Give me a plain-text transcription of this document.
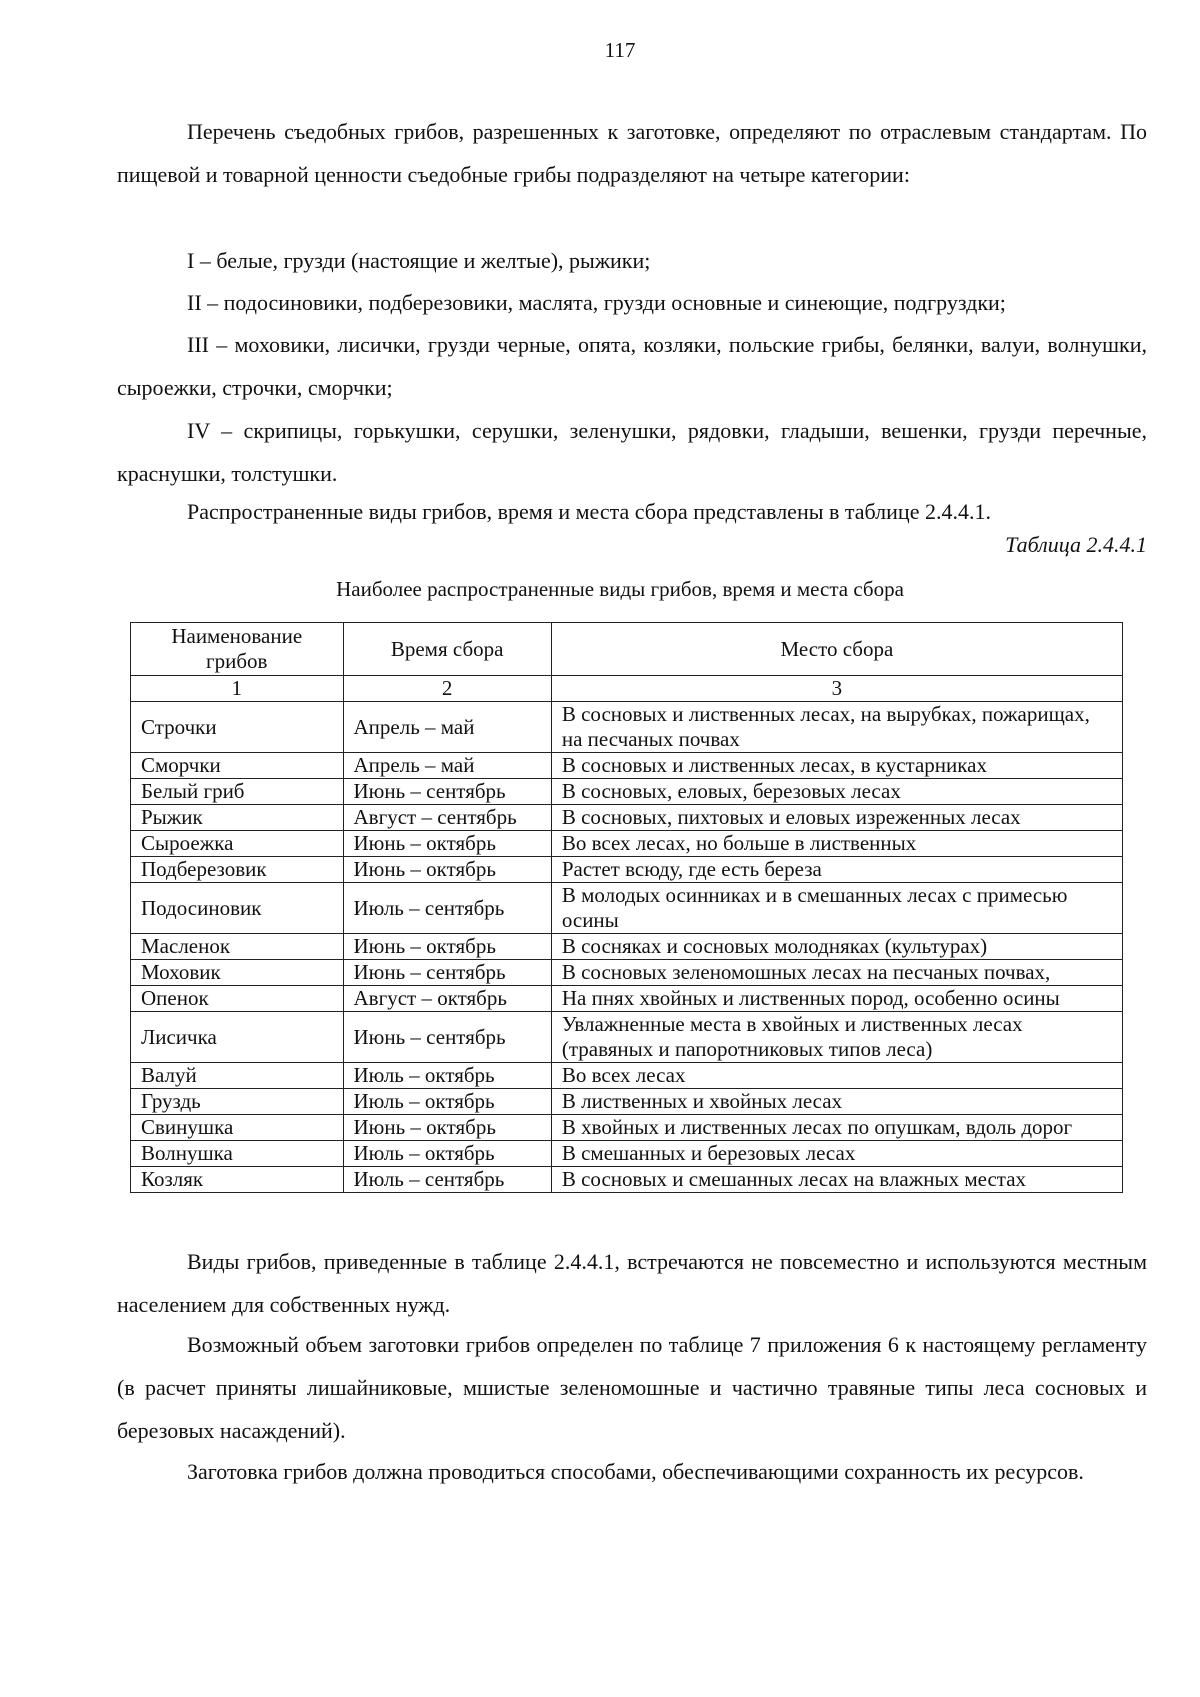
117

Перечень съедобных грибов, разрешенных к заготовке, определяют по отраслевым стандартам. По пищевой и товарной ценности съедобные грибы подразделяют на четыре категории:

I – белые, грузди (настоящие и желтые), рыжики;

II – подосиновики, подберезовики, маслята, грузди основные и синеющие, подгруздки;

III – моховики, лисички, грузди черные, опята, козляки, польские грибы, белянки, валуи, волнушки, сыроежки, строчки, сморчки;

IV – скрипицы, горькушки, серушки, зеленушки, рядовки, гладыши, вешенки, грузди перечные, краснушки, толстушки.

Распространенные виды грибов, время и места сбора представлены в таблице 2.4.4.1.

Таблица 2.4.4.1
Наиболее распространенные виды грибов, время и места сбора
Наименование грибов	Время сбора	Место сбора
1	2	3
Строчки	Апрель – май	В сосновых и лиственных лесах, на вырубках, пожарищах, на песчаных почвах
Сморчки	Апрель – май	В сосновых и лиственных лесах, в кустарниках
Белый гриб	Июнь – сентябрь	В сосновых, еловых, березовых лесах
Рыжик	Август – сентябрь	В сосновых, пихтовых и еловых изреженных лесах
Сыроежка	Июнь – октябрь	Во всех лесах, но больше в лиственных
Подберезовик	Июнь – октябрь	Растет всюду, где есть береза
Подосиновик	Июль – сентябрь	В молодых осинниках и в смешанных лесах с примесью осины
Масленок	Июнь – октябрь	В сосняках и сосновых молодняках (культурах)
Моховик	Июнь – сентябрь	В сосновых зеленомошных лесах на песчаных почвах,
Опенок	Август – октябрь	На пнях хвойных и лиственных пород, особенно осины
Лисичка	Июнь – сентябрь	Увлажненные места в хвойных и лиственных лесах (травяных и папоротниковых типов леса)
Валуй	Июль – октябрь	Во всех лесах
Груздь	Июль – октябрь	В лиственных и хвойных лесах
Свинушка	Июнь – октябрь	В хвойных и лиственных лесах по опушкам, вдоль дорог
Волнушка	Июль – октябрь	В смешанных и березовых лесах
Козляк	Июль – сентябрь	В сосновых и смешанных лесах на влажных местах

Виды грибов, приведенные в таблице 2.4.4.1, встречаются не повсеместно и используются местным населением для собственных нужд.

Возможный объем заготовки грибов определен по таблице 7 приложения 6 к настоящему регламенту (в расчет приняты лишайниковые, мшистые зеленомошные и частично травяные типы леса сосновых и березовых насаждений).

Заготовка грибов должна проводиться способами, обеспечивающими сохранность их ресурсов.
